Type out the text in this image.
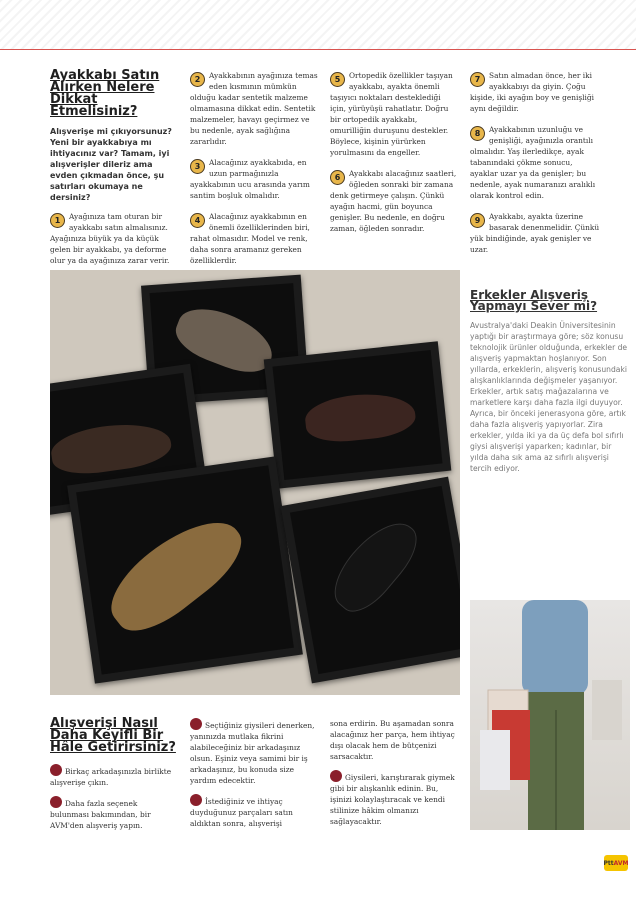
Ayakkabı Satın Alırken Nelere Dikkat Etmelisiniz?

Alışverişe mi çıkıyorsunuz? Yeni bir ayakkabıya mı ihtiyacınız var? Tamam, iyi alışverişler dileriz ama evden çıkmadan önce, şu satırları okumaya ne dersiniz?

1	Ayağınıza tam oturan bir ayakkabı satın almalısınız. Ayağınıza büyük ya da küçük gelen bir ayakkabı, ya deforme olur ya da ayağınıza zarar verir.

2	Ayakkabının ayağınıza temas eden kısmının mümkün olduğu kadar sentetik malzeme olmamasına dikkat edin. Sentetik malzemeler, havayı geçirmez ve bu nedenle, ayak sağlığına zararlıdır.

3	Alacağınız ayakkabıda, en uzun parmağınızla ayakkabının ucu arasında yarım santim boşluk olmalıdır.

4	Alacağınız ayakkabının en önemli özelliklerinden biri, rahat olmasıdır. Model ve renk, daha sonra aramanız gereken özelliklerdir.

5	Ortopedik özellikler taşıyan ayakkabı, ayakta önemli taşıyıcı noktaları desteklediği için, yürüyüşü rahatlatır. Doğru bir ortopedik ayakkabı, omurilliğin duruşunu destekler. Böylece, kişinin yürürken yorulmasını da engeller.

6	Ayakkabı alacağınız saatleri, öğleden sonraki bir zamana denk getirmeye çalışın. Çünkü ayağın hacmi, gün boyunca genişler. Bu nedenle, en doğru zaman, öğleden sonradır.

7	Satın almadan önce, her iki ayakkabıyı da giyin. Çoğu kişide, iki ayağın boy ve genişliği aynı değildir.

8	Ayakkabının uzunluğu ve genişliği, ayağınızla orantılı olmalıdır. Yaş ilerledikçe, ayak tabanındaki çökme sonucu, ayaklar uzar ya da genişler; bu nedenle, ayak numaranızı aralıklı olarak kontrol edin.

9	Ayakkabı, ayakta üzerine basarak denenmelidir. Çünkü yük bindiğinde, ayak genişler ve uzar.

Erkekler Alışveriş Yapmayı Sever mi?

Avustralya'daki Deakin Üniversitesinin yaptığı bir araştırmaya göre; söz konusu teknolojik ürünler olduğunda, erkekler de alışveriş yapmaktan hoşlanıyor. Son yıllarda, erkeklerin, alışveriş konusundaki alışkanlıklarında değişmeler yaşanıyor. Erkekler, artık satış mağazalarına ve marketlere karşı daha fazla ilgi duyuyor. Ayrıca, bir önceki jenerasyona göre, artık daha fazla alışveriş yapıyorlar. Zira erkekler, yılda iki ya da üç defa bol sıfırlı giysi alışverişi yaparken; kadınlar, bir yılda daha sık ama az sıfırlı alışverişi tercih ediyor.

Alışverişi Nasıl Daha Keyifli Bir Hâle Getirirsiniz?
Birkaç arkadaşınızla birlikte alışverişe çıkın.
Daha fazla seçenek bulunması bakımından, bir AVM'den alışveriş yapın.
Seçtiğiniz giysileri denerken, yanınızda mutlaka fikrini alabileceğiniz bir arkadaşınız olsun. Eşiniz veya samimi bir iş arkadaşınız, bu konuda size yardım edecektir.
İstediğiniz ve ihtiyaç duyduğunuz parçaları satın aldıktan sonra, alışverişi
sona erdirin. Bu aşamadan sonra alacağınız her parça, hem ihtiyaç dışı olacak hem de bütçenizi sarsacaktır.
Giysileri, karıştırarak giymek gibi bir alışkanlık edinin. Bu, işinizi kolaylaştıracak ve kendi stilinize hâkim olmanızı sağlayacaktır.
Ptt AVM
